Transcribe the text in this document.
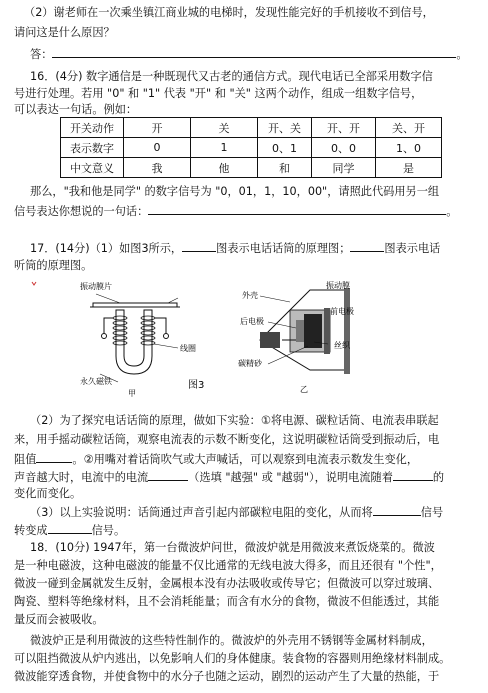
（2）谢老师在一次乘坐镇江商业城的电梯时，发现性能完好的手机接收不到信号，
请问这是什么原因？
答：	。
16．(4分) 数字通信是一种既现代又古老的通信方式。现代电话已全部采用数字信
号进行处理。若用 "0" 和 "1" 代表 "开" 和 "关" 这两个动作，组成一组数字信号，
可以表达一句话。例如：
开关动作	开	关	开、关	开、开	关、开
表示数字	0	1	0、1	0、0	1、0
中文意义	我	他	和	同学	是
那么，"我和他是同学" 的数字信号为 "0，01，1，10，00"，请照此代码用另一组
信号表达你想说的一句话：	。
17．(14分)（1）如图3所示，	图表示电话话筒的原理图；	图表示电话
听筒的原理图。
振动膜片
线圈
永久磁铁
甲
图3
外壳
振动膜
后电极
前电极
丝织
碳精砂
乙
（2）为了探究电话话筒的原理，做如下实验：①将电源、碳粒话筒、电流表串联起
来，用手摇动碳粒话筒，观察电流表的示数不断变化，这说明碳粒话筒受到振动后，电
阻值	。②用嘴对着话筒吹气或大声喊话，可以观察到电流表示数发生变化，
声音越大时，电流中的电流	（选填 "越强" 或 "越弱"），说明电流随着	的
变化而变化。
（3）以上实验说明：话筒通过声音引起内部碳粒电阻的变化，从而将	信号
转变成	信号。
18．(10分) 1947年，第一台微波炉问世，微波炉就是用微波来煮饭烧菜的。微波
是一种电磁波，这种电磁波的能量不仅比通常的无线电波大得多，而且还很有 "个性"，
微波一碰到金属就发生反射，金属根本没有办法吸收或传导它；但微波可以穿过玻璃、
陶瓷、塑料等绝缘材料，且不会消耗能量；而含有水分的食物，微波不但能透过，其能
量反而会被吸收。
微波炉正是利用微波的这些特性制作的。微波炉的外壳用不锈钢等金属材料制成，
可以阻挡微波从炉内逃出，以免影响人们的身体健康。装食物的容器则用绝缘材料制成。
微波能穿透食物，并使食物中的水分子也随之运动，剧烈的运动产生了大量的热能，于
